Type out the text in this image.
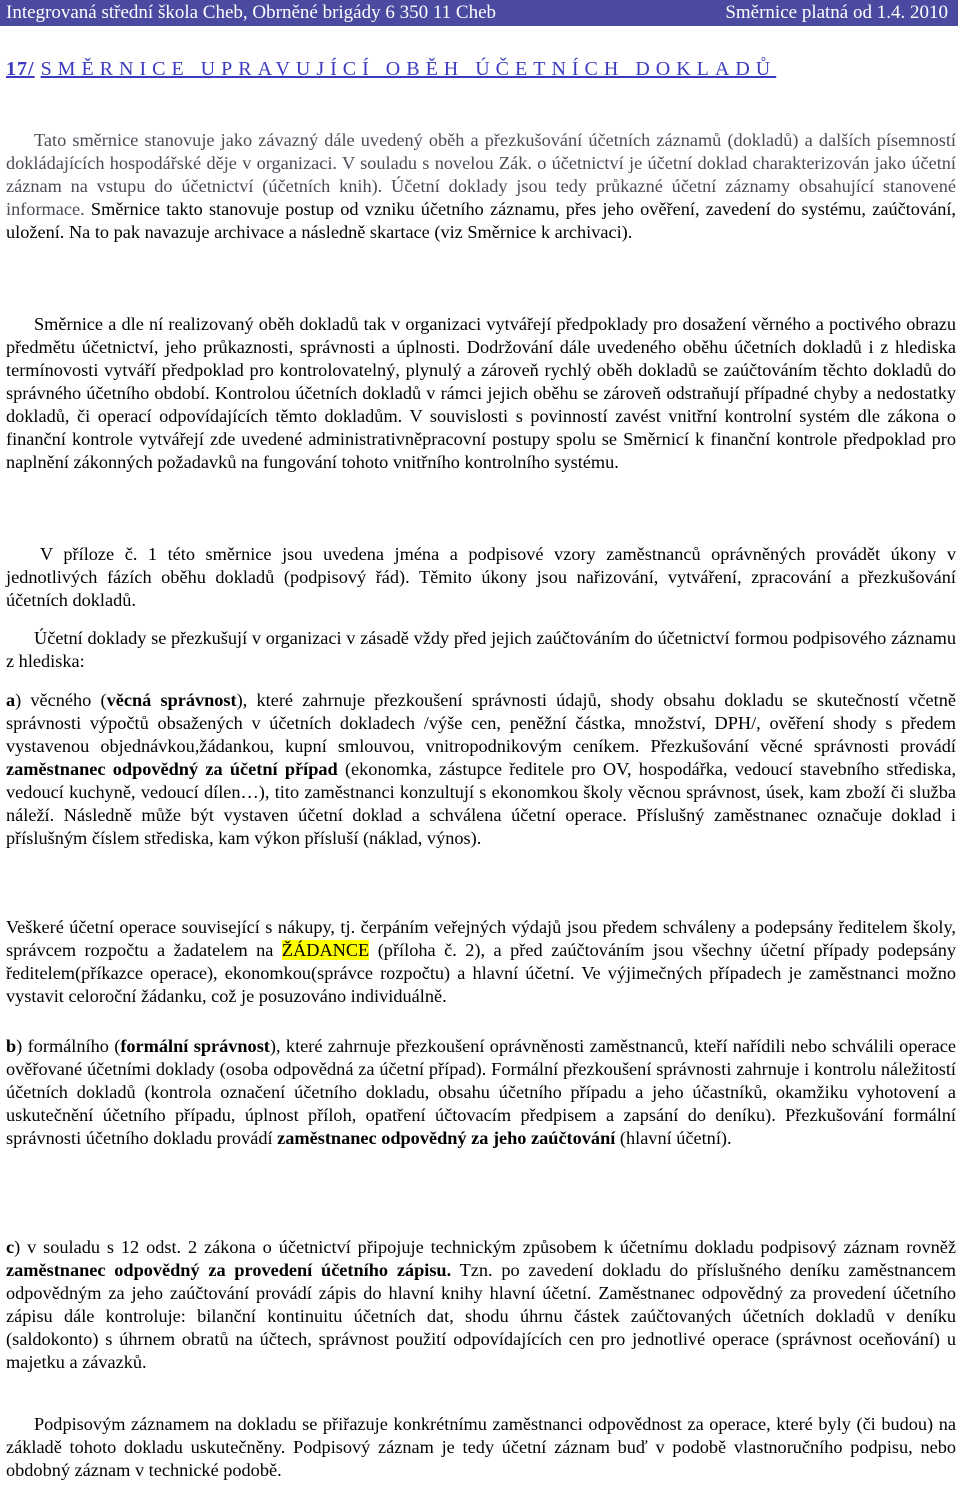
Integrovaná střední škola Cheb, Obrněné brigády 6 350 11 Cheb	Směrnice platná od 1.4. 2010
17/ SMĚRNICE UPRAVUJÍCÍ OBĚH ÚČETNÍCH DOKLADŮ

Tato směrnice stanovuje jako závazný dále uvedený oběh a přezkušování účetních záznamů (dokladů) a dalších písemností dokládajících hospodářské děje v organizaci. V souladu s novelou Zák. o účetnictví je účetní doklad charakterizován jako účetní záznam na vstupu do účetnictví (účetních knih). Účetní doklady jsou tedy průkazné účetní záznamy obsahující stanovené informace. Směrnice takto stanovuje postup od vzniku účetního záznamu, přes jeho ověření, zavedení do systému, zaúčtování, uložení. Na to pak navazuje archivace a následně skartace (viz Směrnice k archivaci).

Směrnice a dle ní realizovaný oběh dokladů tak v organizaci vytvářejí předpoklady pro dosažení věrného a poctivého obrazu předmětu účetnictví, jeho průkaznosti, správnosti a úplnosti. Dodržování dále uvedeného oběhu účetních dokladů i z hlediska termínovosti vytváří předpoklad pro kontrolovatelný, plynulý a zároveň rychlý oběh dokladů se zaúčtováním těchto dokladů do správného účetního období. Kontrolou účetních dokladů v rámci jejich oběhu se zároveň odstraňují případné chyby a nedostatky dokladů, či operací odpovídajících těmto dokladům. V souvislosti s povinností zavést vnitřní kontrolní systém dle zákona o finanční kontrole vytvářejí zde uvedené administrativněpracovní postupy spolu se Směrnicí k finanční kontrole předpoklad pro naplnění zákonných požadavků na fungování tohoto vnitřního kontrolního systému.

V příloze č. 1 této směrnice jsou uvedena jména a podpisové vzory zaměstnanců oprávněných provádět úkony v jednotlivých fázích oběhu dokladů (podpisový řád). Těmito úkony jsou nařizování, vytváření, zpracování a přezkušování účetních dokladů.

Účetní doklady se přezkušují v organizaci v zásadě vždy před jejich zaúčtováním do účetnictví formou podpisového záznamu z hlediska:

a) věcného (věcná správnost), které zahrnuje přezkoušení správnosti údajů, shody obsahu dokladu se skutečností včetně správnosti výpočtů obsažených v účetních dokladech /výše cen, peněžní částka, množství, DPH/, ověření shody s předem vystavenou objednávkou,žádankou, kupní smlouvou, vnitropodnikovým ceníkem. Přezkušování věcné správnosti provádí zaměstnanec odpovědný za účetní případ (ekonomka, zástupce ředitele pro OV, hospodářka, vedoucí stavebního střediska, vedoucí kuchyně, vedoucí dílen…), tito zaměstnanci konzultují s ekonomkou školy věcnou správnost, úsek, kam zboží či služba náleží. Následně může být vystaven účetní doklad a schválena účetní operace. Příslušný zaměstnanec označuje doklad i příslušným číslem střediska, kam výkon přísluší (náklad, výnos).

Veškeré účetní operace související s nákupy, tj. čerpáním veřejných výdajů jsou předem schváleny a podepsány ředitelem školy, správcem rozpočtu a žadatelem na ŽÁDANCE (příloha č. 2), a před zaúčtováním jsou všechny účetní případy podepsány ředitelem(příkazce operace), ekonomkou(správce rozpočtu) a hlavní účetní. Ve výjimečných případech je zaměstnanci možno vystavit celoroční žádanku, což je posuzováno individuálně.

b) formálního (formální správnost), které zahrnuje přezkoušení oprávněnosti zaměstnanců, kteří nařídili nebo schválili operace ověřované účetními doklady (osoba odpovědná za účetní případ). Formální přezkoušení správnosti zahrnuje i kontrolu náležitostí účetních dokladů (kontrola označení účetního dokladu, obsahu účetního případu a jeho účastníků, okamžiku vyhotovení a uskutečnění účetního případu, úplnost příloh, opatření účtovacím předpisem a zapsání do deníku). Přezkušování formální správnosti účetního dokladu provádí zaměstnanec odpovědný za jeho zaúčtování (hlavní účetní).

c) v souladu s 12 odst. 2 zákona o účetnictví připojuje technickým způsobem k účetnímu dokladu podpisový záznam rovněž zaměstnanec odpovědný za provedení účetního zápisu. Tzn. po zavedení dokladu do příslušného deníku zaměstnancem odpovědným za jeho zaúčtování provádí zápis do hlavní knihy hlavní účetní. Zaměstnanec odpovědný za provedení účetního zápisu dále kontroluje: bilanční kontinuitu účetních dat, shodu úhrnu částek zaúčtovaných účetních dokladů v deníku (saldokonto) s úhrnem obratů na účtech, správnost použití odpovídajících cen pro jednotlivé operace (správnost oceňování) u majetku a závazků.

Podpisovým záznamem na dokladu se přiřazuje konkrétnímu zaměstnanci odpovědnost za operace, které byly (či budou) na základě tohoto dokladu uskutečněny. Podpisový záznam je tedy účetní záznam buď v podobě vlastnoručního podpisu, nebo obdobný záznam v technické podobě.
